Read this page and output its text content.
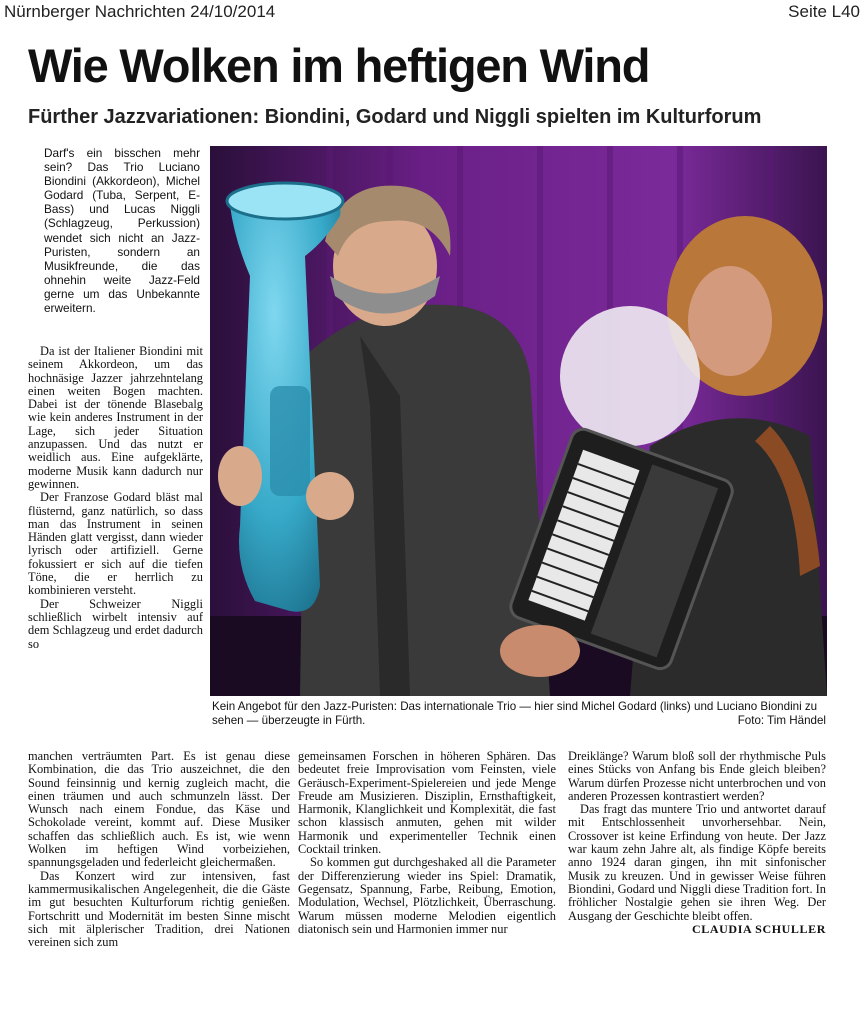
Nürnberger Nachrichten 24/10/2014	Seite L40
Wie Wolken im heftigen Wind
Fürther Jazzvariationen: Biondini, Godard und Niggli spielten im Kulturforum

Darf's ein bisschen mehr sein? Das Trio Luciano Biondini (Akkordeon), Michel Godard (Tuba, Serpent, E-Bass) und Lucas Niggli (Schlagzeug, Perkussion) wendet sich nicht an Jazz-Puristen, sondern an Musikfreunde, die das ohnehin weite Jazz-Feld gerne um das Unbekannte erweitern.

Da ist der Italiener Biondini mit seinem Akkordeon, um das hochnäsige Jazzer jahrzehntelang einen weiten Bogen machten. Dabei ist der tönende Blasebalg wie kein anderes Instrument in der Lage, sich jeder Situation anzupassen. Und das nutzt er weidlich aus. Eine aufgeklärte, moderne Musik kann dadurch nur gewinnen.

Der Franzose Godard bläst mal flüsternd, ganz natürlich, so dass man das Instrument in seinen Händen glatt vergisst, dann wieder lyrisch oder artifiziell. Gerne fokussiert er sich auf die tiefen Töne, die er herrlich zu kombinieren versteht.

Der Schweizer Niggli schließlich wirbelt intensiv auf dem Schlagzeug und erdet dadurch so

Kein Angebot für den Jazz-Puristen: Das internationale Trio — hier sind Michel Godard (links) und Luciano Biondini zu sehen — überzeugte in Fürth.	Foto: Tim Händel

manchen verträumten Part. Es ist genau diese Kombination, die das Trio auszeichnet, die den Sound feinsinnig und kernig zugleich macht, die einen träumen und auch schmunzeln lässt. Der Wunsch nach einem Fondue, das Käse und Schokolade vereint, kommt auf. Diese Musiker schaffen das schließlich auch. Es ist, wie wenn Wolken im heftigen Wind vorbeiziehen, spannungsgeladen und federleicht gleichermaßen.

Das Konzert wird zur intensiven, fast kammermusikalischen Angelegenheit, die die Gäste im gut besuchten Kulturforum richtig genießen. Fortschritt und Modernität im besten Sinne mischt sich mit älplerischer Tradition, drei Nationen vereinen sich zum

gemeinsamen Forschen in höheren Sphären. Das bedeutet freie Improvisation vom Feinsten, viele Geräusch-Experiment-Spielereien und jede Menge Freude am Musizieren. Disziplin, Ernsthaftigkeit, Harmonik, Klanglichkeit und Komplexität, die fast schon klassisch anmuten, gehen mit wilder Harmonik und experimenteller Technik einen Cocktail trinken.

So kommen gut durchgeshaked all die Parameter der Differenzierung wieder ins Spiel: Dramatik, Gegensatz, Spannung, Farbe, Reibung, Emotion, Modulation, Wechsel, Plötzlichkeit, Überraschung. Warum müssen moderne Melodien eigentlich diatonisch sein und Harmonien immer nur

Dreiklänge? Warum bloß soll der rhythmische Puls eines Stücks von Anfang bis Ende gleich bleiben? Warum dürfen Prozesse nicht unterbrochen und von anderen Prozessen kontrastiert werden?

Das fragt das muntere Trio und antwortet darauf mit Entschlossenheit unvorhersehbar. Nein, Crossover ist keine Erfindung von heute. Der Jazz war kaum zehn Jahre alt, als findige Köpfe bereits anno 1924 daran gingen, ihn mit sinfonischer Musik zu kreuzen. Und in gewisser Weise führen Biondini, Godard und Niggli diese Tradition fort. In fröhlicher Nostalgie gehen sie ihren Weg. Der Ausgang der Geschichte bleibt offen.

CLAUDIA SCHULLER
